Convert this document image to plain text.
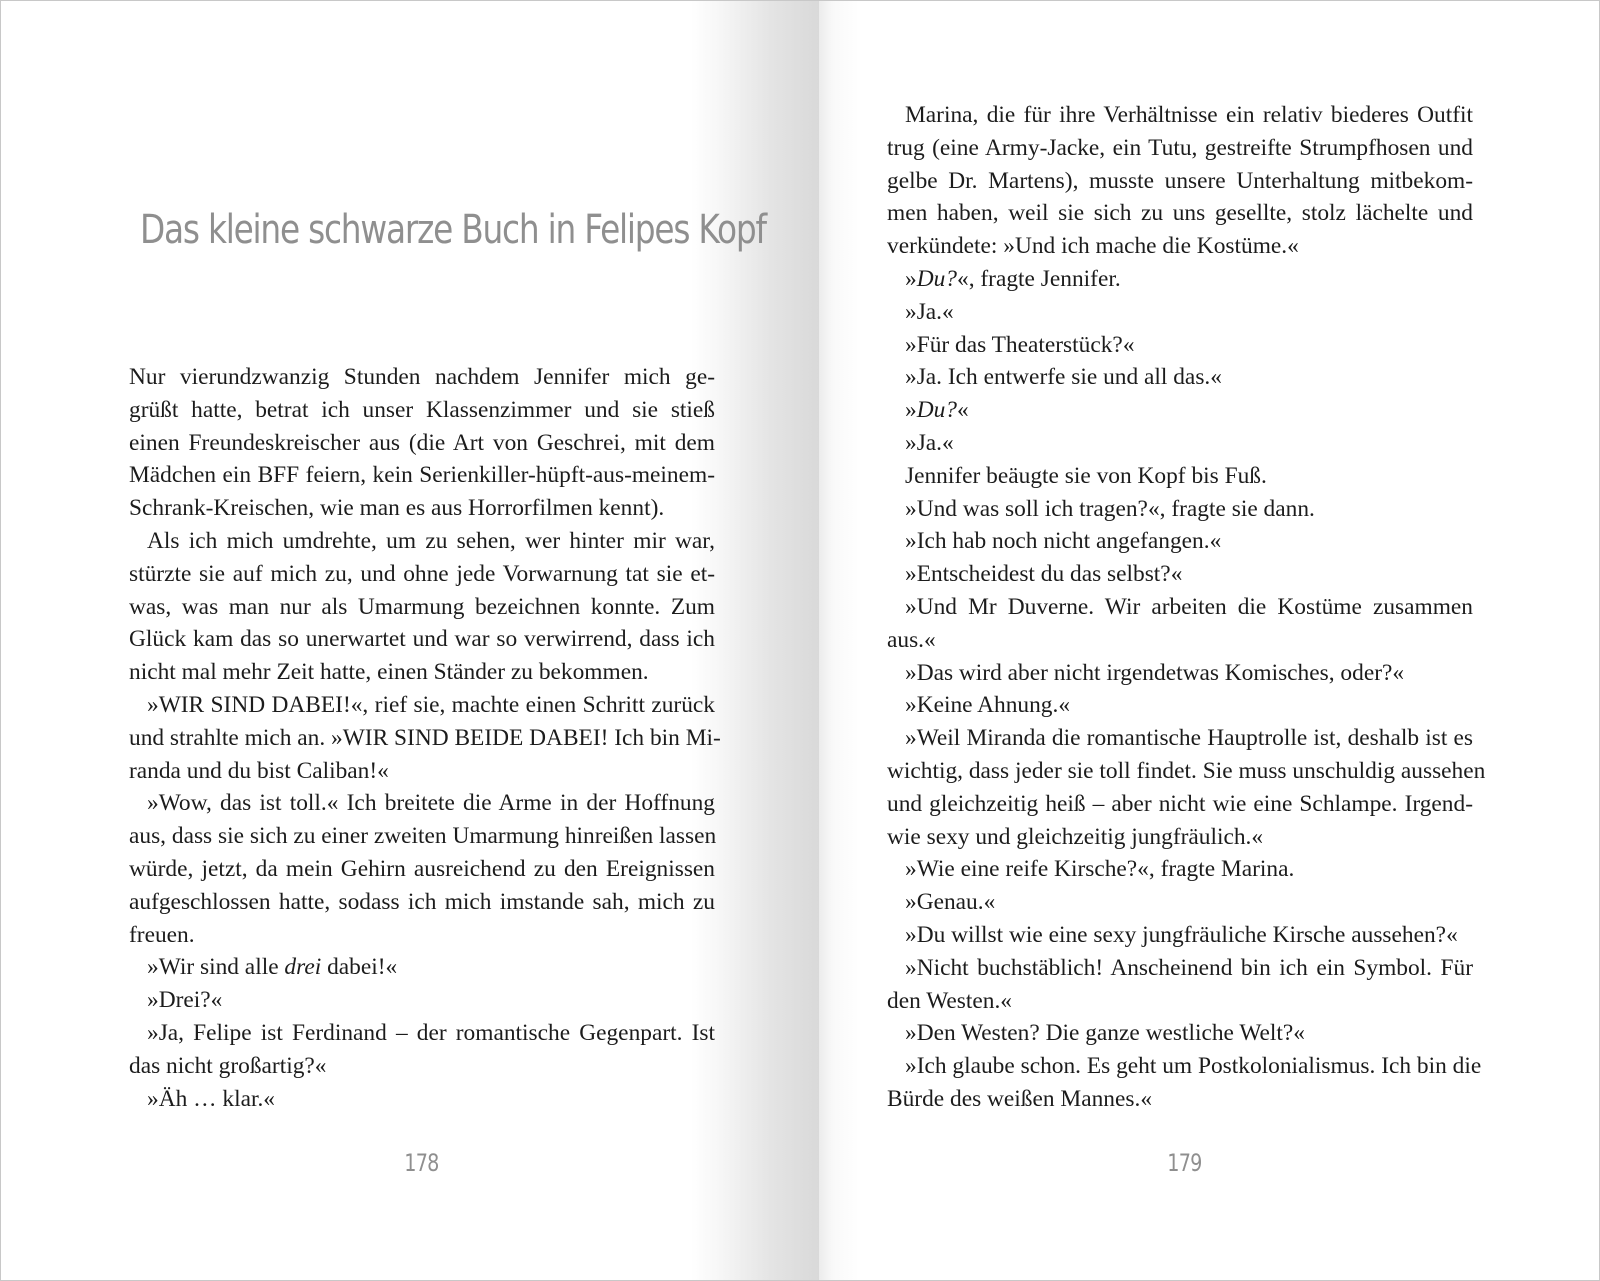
Das kleine schwarze Buch in Felipes Kopf
Nur vierundzwanzig Stunden nachdem Jennifer mich ge-
grüßt hatte, betrat ich unser Klassenzimmer und sie stieß
einen Freundeskreischer aus (die Art von Geschrei, mit dem
Mädchen ein BFF feiern, kein Serienkiller-hüpft-aus-meinem-
Schrank-Kreischen, wie man es aus Horrorfilmen kennt).
Als ich mich umdrehte, um zu sehen, wer hinter mir war,
stürzte sie auf mich zu, und ohne jede Vorwarnung tat sie et-
was, was man nur als Umarmung bezeichnen konnte. Zum
Glück kam das so unerwartet und war so verwirrend, dass ich
nicht mal mehr Zeit hatte, einen Ständer zu bekommen.
»WIR SIND DABEI!«, rief sie, machte einen Schritt zurück
und strahlte mich an. »WIR SIND BEIDE DABEI! Ich bin Mi-
randa und du bist Caliban!«
»Wow, das ist toll.« Ich breitete die Arme in der Hoffnung
aus, dass sie sich zu einer zweiten Umarmung hinreißen lassen
würde, jetzt, da mein Gehirn ausreichend zu den Ereignissen
aufgeschlossen hatte, sodass ich mich imstande sah, mich zu
freuen.
»Wir sind alle drei dabei!«
»Drei?«
»Ja, Felipe ist Ferdinand – der romantische Gegenpart. Ist
das nicht großartig?«
»Äh … klar.«
178
Marina, die für ihre Verhältnisse ein relativ biederes Outfit
trug (eine Army-Jacke, ein Tutu, gestreifte Strumpfhosen und
gelbe Dr. Martens), musste unsere Unterhaltung mitbekom-
men haben, weil sie sich zu uns gesellte, stolz lächelte und
verkündete: »Und ich mache die Kostüme.«
»Du?«, fragte Jennifer.
»Ja.«
»Für das Theaterstück?«
»Ja. Ich entwerfe sie und all das.«
»Du?«
»Ja.«
Jennifer beäugte sie von Kopf bis Fuß.
»Und was soll ich tragen?«, fragte sie dann.
»Ich hab noch nicht angefangen.«
»Entscheidest du das selbst?«
»Und Mr Duverne. Wir arbeiten die Kostüme zusammen
aus.«
»Das wird aber nicht irgendetwas Komisches, oder?«
»Keine Ahnung.«
»Weil Miranda die romantische Hauptrolle ist, deshalb ist es
wichtig, dass jeder sie toll findet. Sie muss unschuldig aussehen
und gleichzeitig heiß – aber nicht wie eine Schlampe. Irgend-
wie sexy und gleichzeitig jungfräulich.«
»Wie eine reife Kirsche?«, fragte Marina.
»Genau.«
»Du willst wie eine sexy jungfräuliche Kirsche aussehen?«
»Nicht buchstäblich! Anscheinend bin ich ein Symbol. Für
den Westen.«
»Den Westen? Die ganze westliche Welt?«
»Ich glaube schon. Es geht um Postkolonialismus. Ich bin die
Bürde des weißen Mannes.«
179
